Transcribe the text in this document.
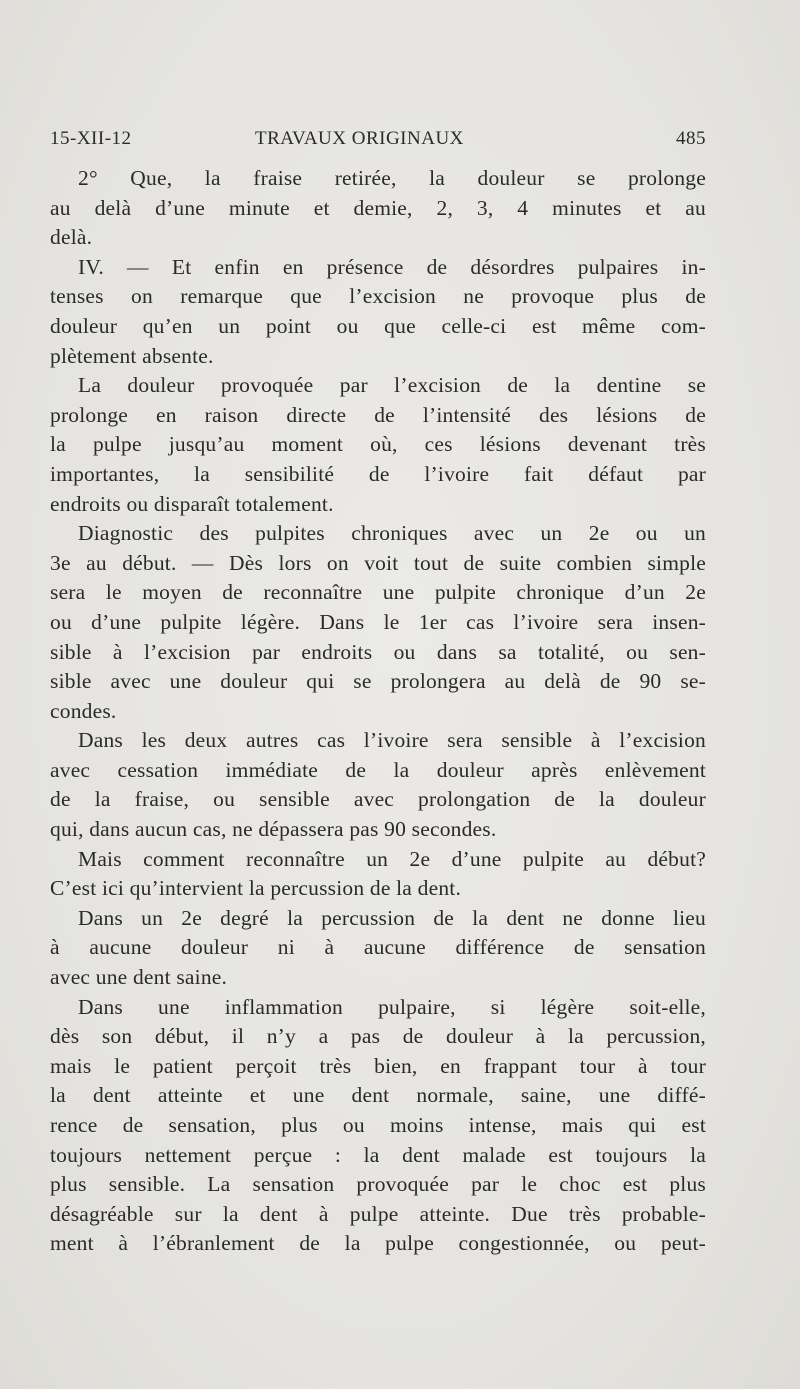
15-XII-12	TRAVAUX ORIGINAUX	485
2° Que, la fraise retirée, la douleur se prolonge
au delà d’une minute et demie, 2, 3, 4 minutes et au
delà.
IV. — Et enfin en présence de désordres pulpaires in-
tenses on remarque que l’excision ne provoque plus de
douleur qu’en un point ou que celle-ci est même com-
plètement absente.
La douleur provoquée par l’excision de la dentine se
prolonge en raison directe de l’intensité des lésions de
la pulpe jusqu’au moment où, ces lésions devenant très
importantes, la sensibilité de l’ivoire fait défaut par
endroits ou disparaît totalement.
Diagnostic des pulpites chroniques avec un 2e ou un
3e au début. — Dès lors on voit tout de suite combien simple
sera le moyen de reconnaître une pulpite chronique d’un 2e
ou d’une pulpite légère. Dans le 1er cas l’ivoire sera insen-
sible à l’excision par endroits ou dans sa totalité, ou sen-
sible avec une douleur qui se prolongera au delà de 90 se-
condes.
Dans les deux autres cas l’ivoire sera sensible à l’excision
avec cessation immédiate de la douleur après enlèvement
de la fraise, ou sensible avec prolongation de la douleur
qui, dans aucun cas, ne dépassera pas 90 secondes.
Mais comment reconnaître un 2e d’une pulpite au début?
C’est ici qu’intervient la percussion de la dent.
Dans un 2e degré la percussion de la dent ne donne lieu
à aucune douleur ni à aucune différence de sensation
avec une dent saine.
Dans une inflammation pulpaire, si légère soit-elle,
dès son début, il n’y a pas de douleur à la percussion,
mais le patient perçoit très bien, en frappant tour à tour
la dent atteinte et une dent normale, saine, une diffé-
rence de sensation, plus ou moins intense, mais qui est
toujours nettement perçue : la dent malade est toujours la
plus sensible. La sensation provoquée par le choc est plus
désagréable sur la dent à pulpe atteinte. Due très probable-
ment à l’ébranlement de la pulpe congestionnée, ou peut-
